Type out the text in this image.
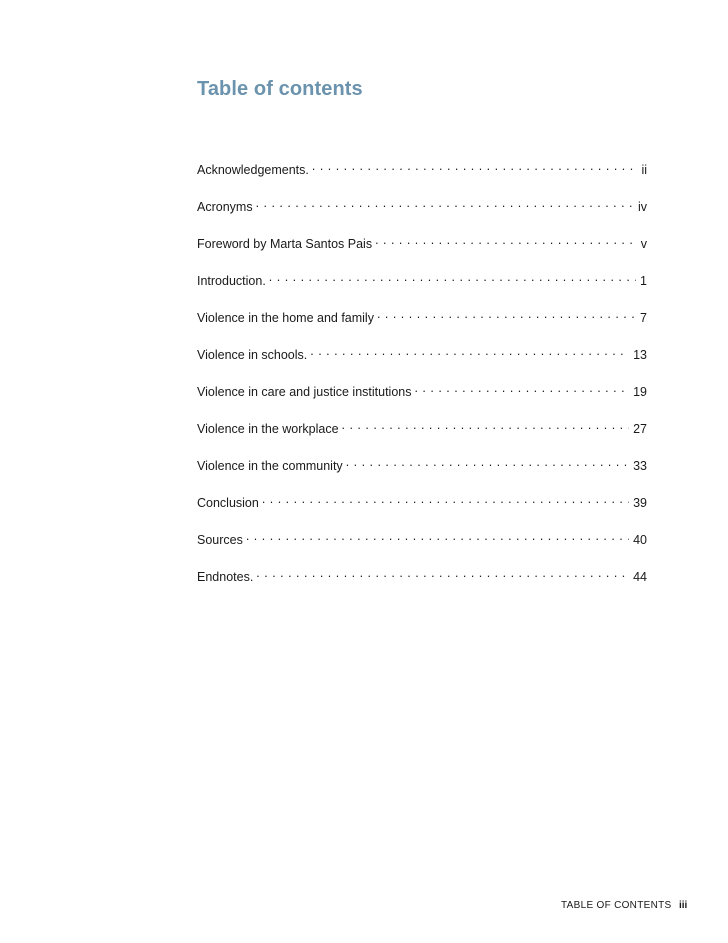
Table of contents
Acknowledgements. . . .	ii
Acronyms . . .	iv
Foreword by Marta Santos Pais . . .	v
Introduction. . . .	1
Violence in the home and family . . .	7
Violence in schools. . . .	13
Violence in care and justice institutions . . .	19
Violence in the workplace . . .	27
Violence in the community . . .	33
Conclusion . . .	39
Sources . . .	40
Endnotes. . . .	44
TABLE OF CONTENTS iii
